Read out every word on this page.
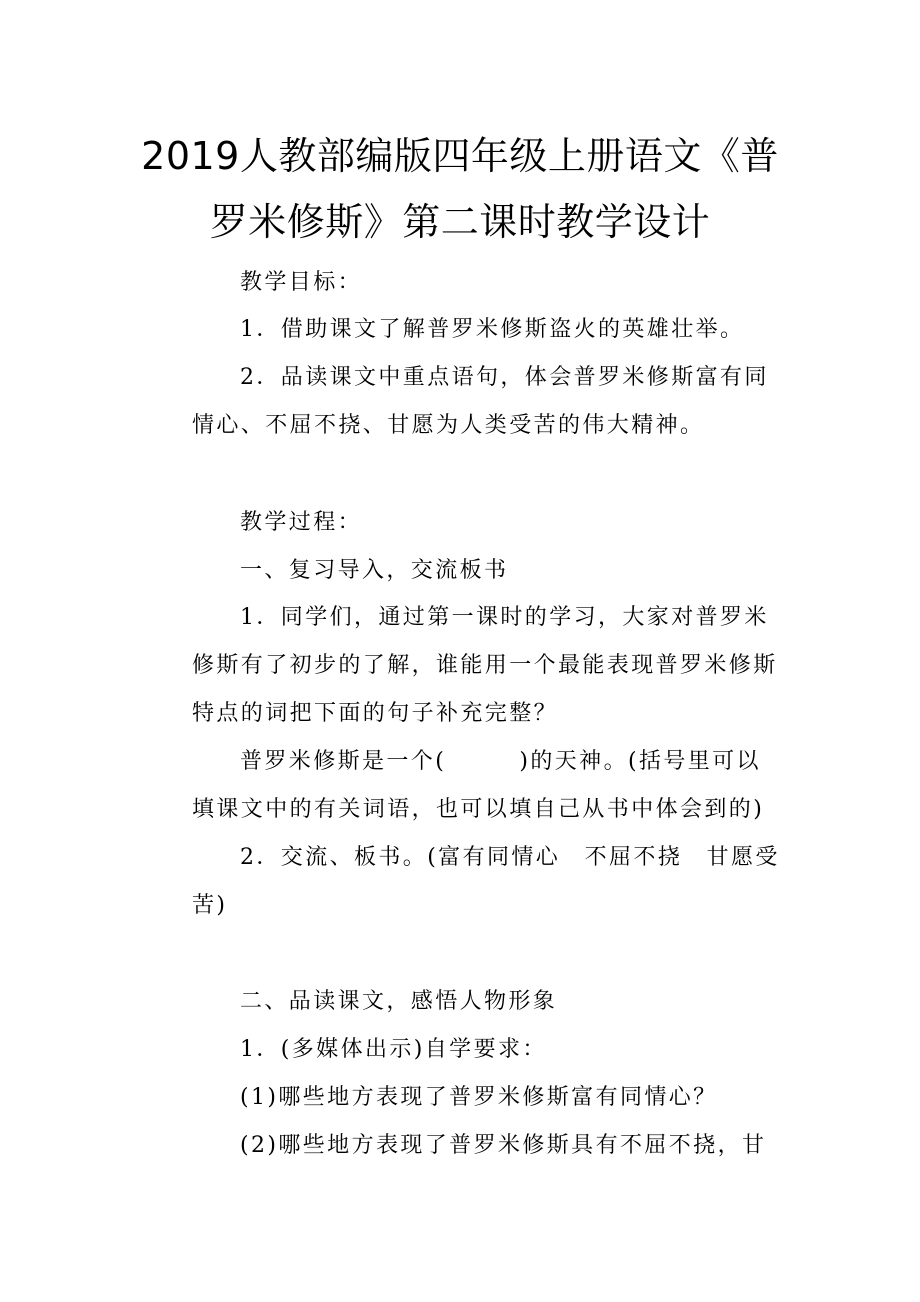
2019人教部编版四年级上册语文《普
罗米修斯》第二课时教学设计
教学目标：
1．借助课文了解普罗米修斯盗火的英雄壮举。
2．品读课文中重点语句，体会普罗米修斯富有同
情心、不屈不挠、甘愿为人类受苦的伟大精神。
教学过程：
一、复习导入，交流板书
1．同学们，通过第一课时的学习，大家对普罗米
修斯有了初步的了解，谁能用一个最能表现普罗米修斯
特点的词把下面的句子补充完整？
普罗米修斯是一个(　　　)的天神。(括号里可以
填课文中的有关词语，也可以填自己从书中体会到的)
2．交流、板书。(富有同情心　不屈不挠　甘愿受
苦)
二、品读课文，感悟人物形象
1．(多媒体出示)自学要求：
(1)哪些地方表现了普罗米修斯富有同情心？
(2)哪些地方表现了普罗米修斯具有不屈不挠，甘
